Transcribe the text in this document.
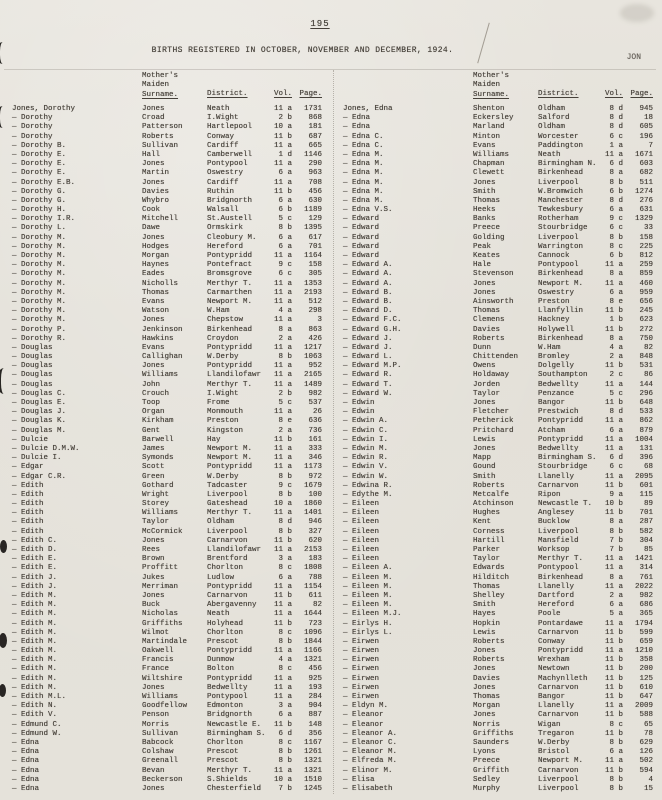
195
BIRTHS REGISTERED IN OCTOBER, NOVEMBER AND DECEMBER, 1924.
JON
Mother's
Maiden
Surname.	District.	Vol. Page.
Jones, Dorothy	Jones	Neath	11 a	1731
— Dorothy	Croad	I.Wight	2 b	868
— Dorothy	Patterson	Hartlepool	10 a	181
— Dorothy	Roberts	Conway	11 b	687
— Dorothy B.	Sullivan	Cardiff	11 a	665
— Dorothy E.	Hall	Camberwell	1 d	1146
— Dorothy E.	Jones	Pontypool	11 a	290
— Dorothy E.	Martin	Oswestry	6 a	963
— Dorothy E.B.	Jones	Cardiff	11 a	708
— Dorothy G.	Davies	Ruthin	11 b	456
— Dorothy G.	Whybro	Bridgnorth	6 a	630
— Dorothy H.	Cook	Walsall	6 b	1189
— Dorothy I.R.	Mitchell	St.Austell	5 c	129
— Dorothy L.	Dawe	Ormskirk	8 b	1395
— Dorothy M.	Jones	Cleobury M.	6 a	617
— Dorothy M.	Hodges	Hereford	6 a	701
— Dorothy M.	Morgan	Pontypridd	11 a	1164
— Dorothy M.	Haynes	Pontefract	9 c	158
— Dorothy M.	Eades	Bromsgrove	6 c	305
— Dorothy M.	Nicholls	Merthyr T.	11 a	1353
— Dorothy M.	Thomas	Carmarthen	11 a	2193
— Dorothy M.	Evans	Newport M.	11 a	512
— Dorothy M.	Watson	W.Ham	4 a	298
— Dorothy M.	Jones	Chepstow	11 a	3
— Dorothy P.	Jenkinson	Birkenhead	8 a	863
— Dorothy R.	Hawkins	Croydon	2 a	426
— Douglas	Evans	Pontypridd	11 a	1217
— Douglas	Callighan	W.Derby	8 b	1063
— Douglas	Jones	Pontypridd	11 a	952
— Douglas	Williams	Llandilofawr	11 a	2165
— Douglas	John	Merthyr T.	11 a	1489
— Douglas C.	Crouch	I.Wight	2 b	982
— Douglas E.	Toop	Frome	5 c	537
— Douglas J.	Organ	Monmouth	11 a	26
— Douglas K.	Kirkham	Preston	8 e	636
— Douglas M.	Gent	Kingston	2 a	736
— Dulcie	Barwell	Hay	11 b	161
— Dulcie D.M.W.	James	Newport M.	11 a	333
— Dulcie I.	Symonds	Newport M.	11 a	346
— Edgar	Scott	Pontypridd	11 a	1173
— Edgar C.R.	Green	W.Derby	8 b	972
— Edith	Gothard	Tadcaster	9 c	1679
— Edith	Wright	Liverpool	8 b	100
— Edith	Storey	Gateshead	10 a	1860
— Edith	Williams	Merthyr T.	11 a	1401
— Edith	Taylor	Oldham	8 d	946
— Edith	McCormick	Liverpool	8 b	327
— Edith C.	Jones	Carnarvon	11 b	620
— Edith D.	Rees	Llandilofawr	11 a	2153
— Edith E.	Brown	Brentford	3 a	183
— Edith E.	Proffitt	Chorlton	8 c	1808
— Edith J.	Jukes	Ludlow	6 a	788
— Edith J.	Merriman	Pontypridd	11 a	1154
— Edith M.	Jones	Carnarvon	11 b	611
— Edith M.	Buck	Abergavenny	11 a	82
— Edith M.	Nicholas	Neath	11 a	1644
— Edith M.	Griffiths	Holyhead	11 b	723
— Edith M.	Wilmot	Chorlton	8 c	1096
— Edith M.	Martindale	Prescot	8 b	1844
— Edith M.	Oakwell	Pontypridd	11 a	1166
— Edith M.	Francis	Dunmow	4 a	1321
— Edith M.	France	Bolton	8 c	456
— Edith M.	Wiltshire	Pontypridd	11 a	925
— Edith M.	Jones	Bedwellty	11 a	193
— Edith M.L.	Williams	Pontypool	11 a	284
— Edith N.	Goodfellow	Edmonton	3 a	904
— Edith V.	Penson	Bridgnorth	6 a	887
— Edmund C.	Morris	Newcastle E.	11 b	148
— Edmund W.	Sullivan	Birmingham S.	6 d	356
— Edna	Babcock	Chorlton	8 c	1167
— Edna	Colshaw	Prescot	8 b	1261
— Edna	Greenall	Prescot	8 b	1321
— Edna	Bevan	Merthyr T.	11 a	1321
— Edna	Beckerson	S.Shields	10 a	1510
— Edna	Jones	Chesterfield	7 b	1245
Mother's
Maiden
Surname.	District.	Vol. Page.
Jones, Edna	Shenton	Oldham	8 d	945
— Edna	Eckersley	Salford	8 d	18
— Edna	Marland	Oldham	8 d	605
— Edna C.	Minton	Worcester	6 c	196
— Edna C.	Evans	Paddington	1 a	7
— Edna M.	Williams	Neath	11 a	1671
— Edna M.	Chapman	Birmingham N.	6 d	603
— Edna M.	Clewett	Birkenhead	8 a	682
— Edna M.	Jones	Liverpool	8 b	511
— Edna M.	Smith	W.Bromwich	6 b	1274
— Edna M.	Thomas	Manchester	8 d	276
— Edna V.S.	Heeks	Tewkesbury	6 a	631
— Edward	Banks	Rotherham	9 c	1329
— Edward	Preece	Stourbridge	6 c	33
— Edward	Golding	Liverpool	8 b	158
— Edward	Peak	Warrington	8 c	225
— Edward	Keates	Cannock	6 b	812
— Edward A.	Hale	Pontypool	11 a	259
— Edward A.	Stevenson	Birkenhead	8 a	859
— Edward A.	Jones	Newport M.	11 a	460
— Edward B.	Jones	Oswestry	6 a	959
— Edward B.	Ainsworth	Preston	8 e	656
— Edward D.	Thomas	Llanfyllin	11 b	245
— Edward F.C.	Clemens	Hackney	1 b	623
— Edward G.H.	Davies	Holywell	11 b	272
— Edward J.	Roberts	Birkenhead	8 a	750
— Edward J.	Dunn	W.Ham	4 a	82
— Edward L.	Chittenden	Bromley	2 a	848
— Edward M.P.	Owens	Dolgelly	11 b	531
— Edward R.	Holdaway	Southampton	2 c	86
— Edward T.	Jorden	Bedwellty	11 a	144
— Edward W.	Taylor	Penzance	5 c	296
— Edwin	Jones	Bangor	11 b	648
— Edwin	Fletcher	Prestwich	8 d	533
— Edwin A.	Petherick	Pontypridd	11 a	862
— Edwin C.	Pritchard	Atcham	6 a	879
— Edwin I.	Lewis	Pontypridd	11 a	1004
— Edwin M.	Jones	Bedwellty	11 a	131
— Edwin R.	Mapp	Birmingham S.	6 d	396
— Edwin V.	Gound	Stourbridge	6 c	68
— Edwin W.	Smith	Llanelly	11 a	2095
— Edwina R.	Roberts	Carnarvon	11 b	601
— Edythe M.	Metcalfe	Ripon	9 a	115
— Eileen	Atchinson	Newcastle T.	10 b	89
— Eileen	Hughes	Anglesey	11 b	701
— Eileen	Kent	Bucklow	8 a	287
— Eileen	Corness	Liverpool	8 b	582
— Eileen	Hartill	Mansfield	7 b	304
— Eileen	Parker	Worksop	7 b	85
— Eileen	Taylor	Merthyr T.	11 a	1421
— Eileen A.	Edwards	Pontypool	11 a	314
— Eileen M.	Hilditch	Birkenhead	8 a	761
— Eileen M.	Thomas	Llanelly	11 a	2022
— Eileen M.	Shelley	Dartford	2 a	982
— Eileen M.	Smith	Hereford	6 a	686
— Eileen M.J.	Hayes	Poole	5 a	365
— Eirlys H.	Hopkin	Pontardawe	11 a	1794
— Eirlys L.	Lewis	Carnarvon	11 b	599
— Eirwen	Roberts	Conway	11 b	659
— Eirwen	Jones	Pontypridd	11 a	1210
— Eirwen	Roberts	Wrexham	11 b	358
— Eirwen	Jones	Newtown	11 b	200
— Eirwen	Davies	Machynlleth	11 b	125
— Eirwen	Jones	Carnarvon	11 b	610
— Eirwen	Thomas	Bangor	11 b	647
— Eldyn M.	Morgan	Llanelly	11 a	2009
— Eleanor	Jones	Carnarvon	11 b	588
— Eleanor	Norris	Wigan	8 c	65
— Eleanor A.	Griffiths	Tregaron	11 b	78
— Eleanor C.	Saunders	W.Derby	8 b	629
— Eleanor M.	Lyons	Bristol	6 a	126
— Elfreda M.	Preece	Newport M.	11 a	502
— Elinor M.	Griffith	Carnarvon	11 b	594
— Elisa	Sedley	Liverpool	8 b	4
— Elisabeth	Murphy	Liverpool	8 b	15
